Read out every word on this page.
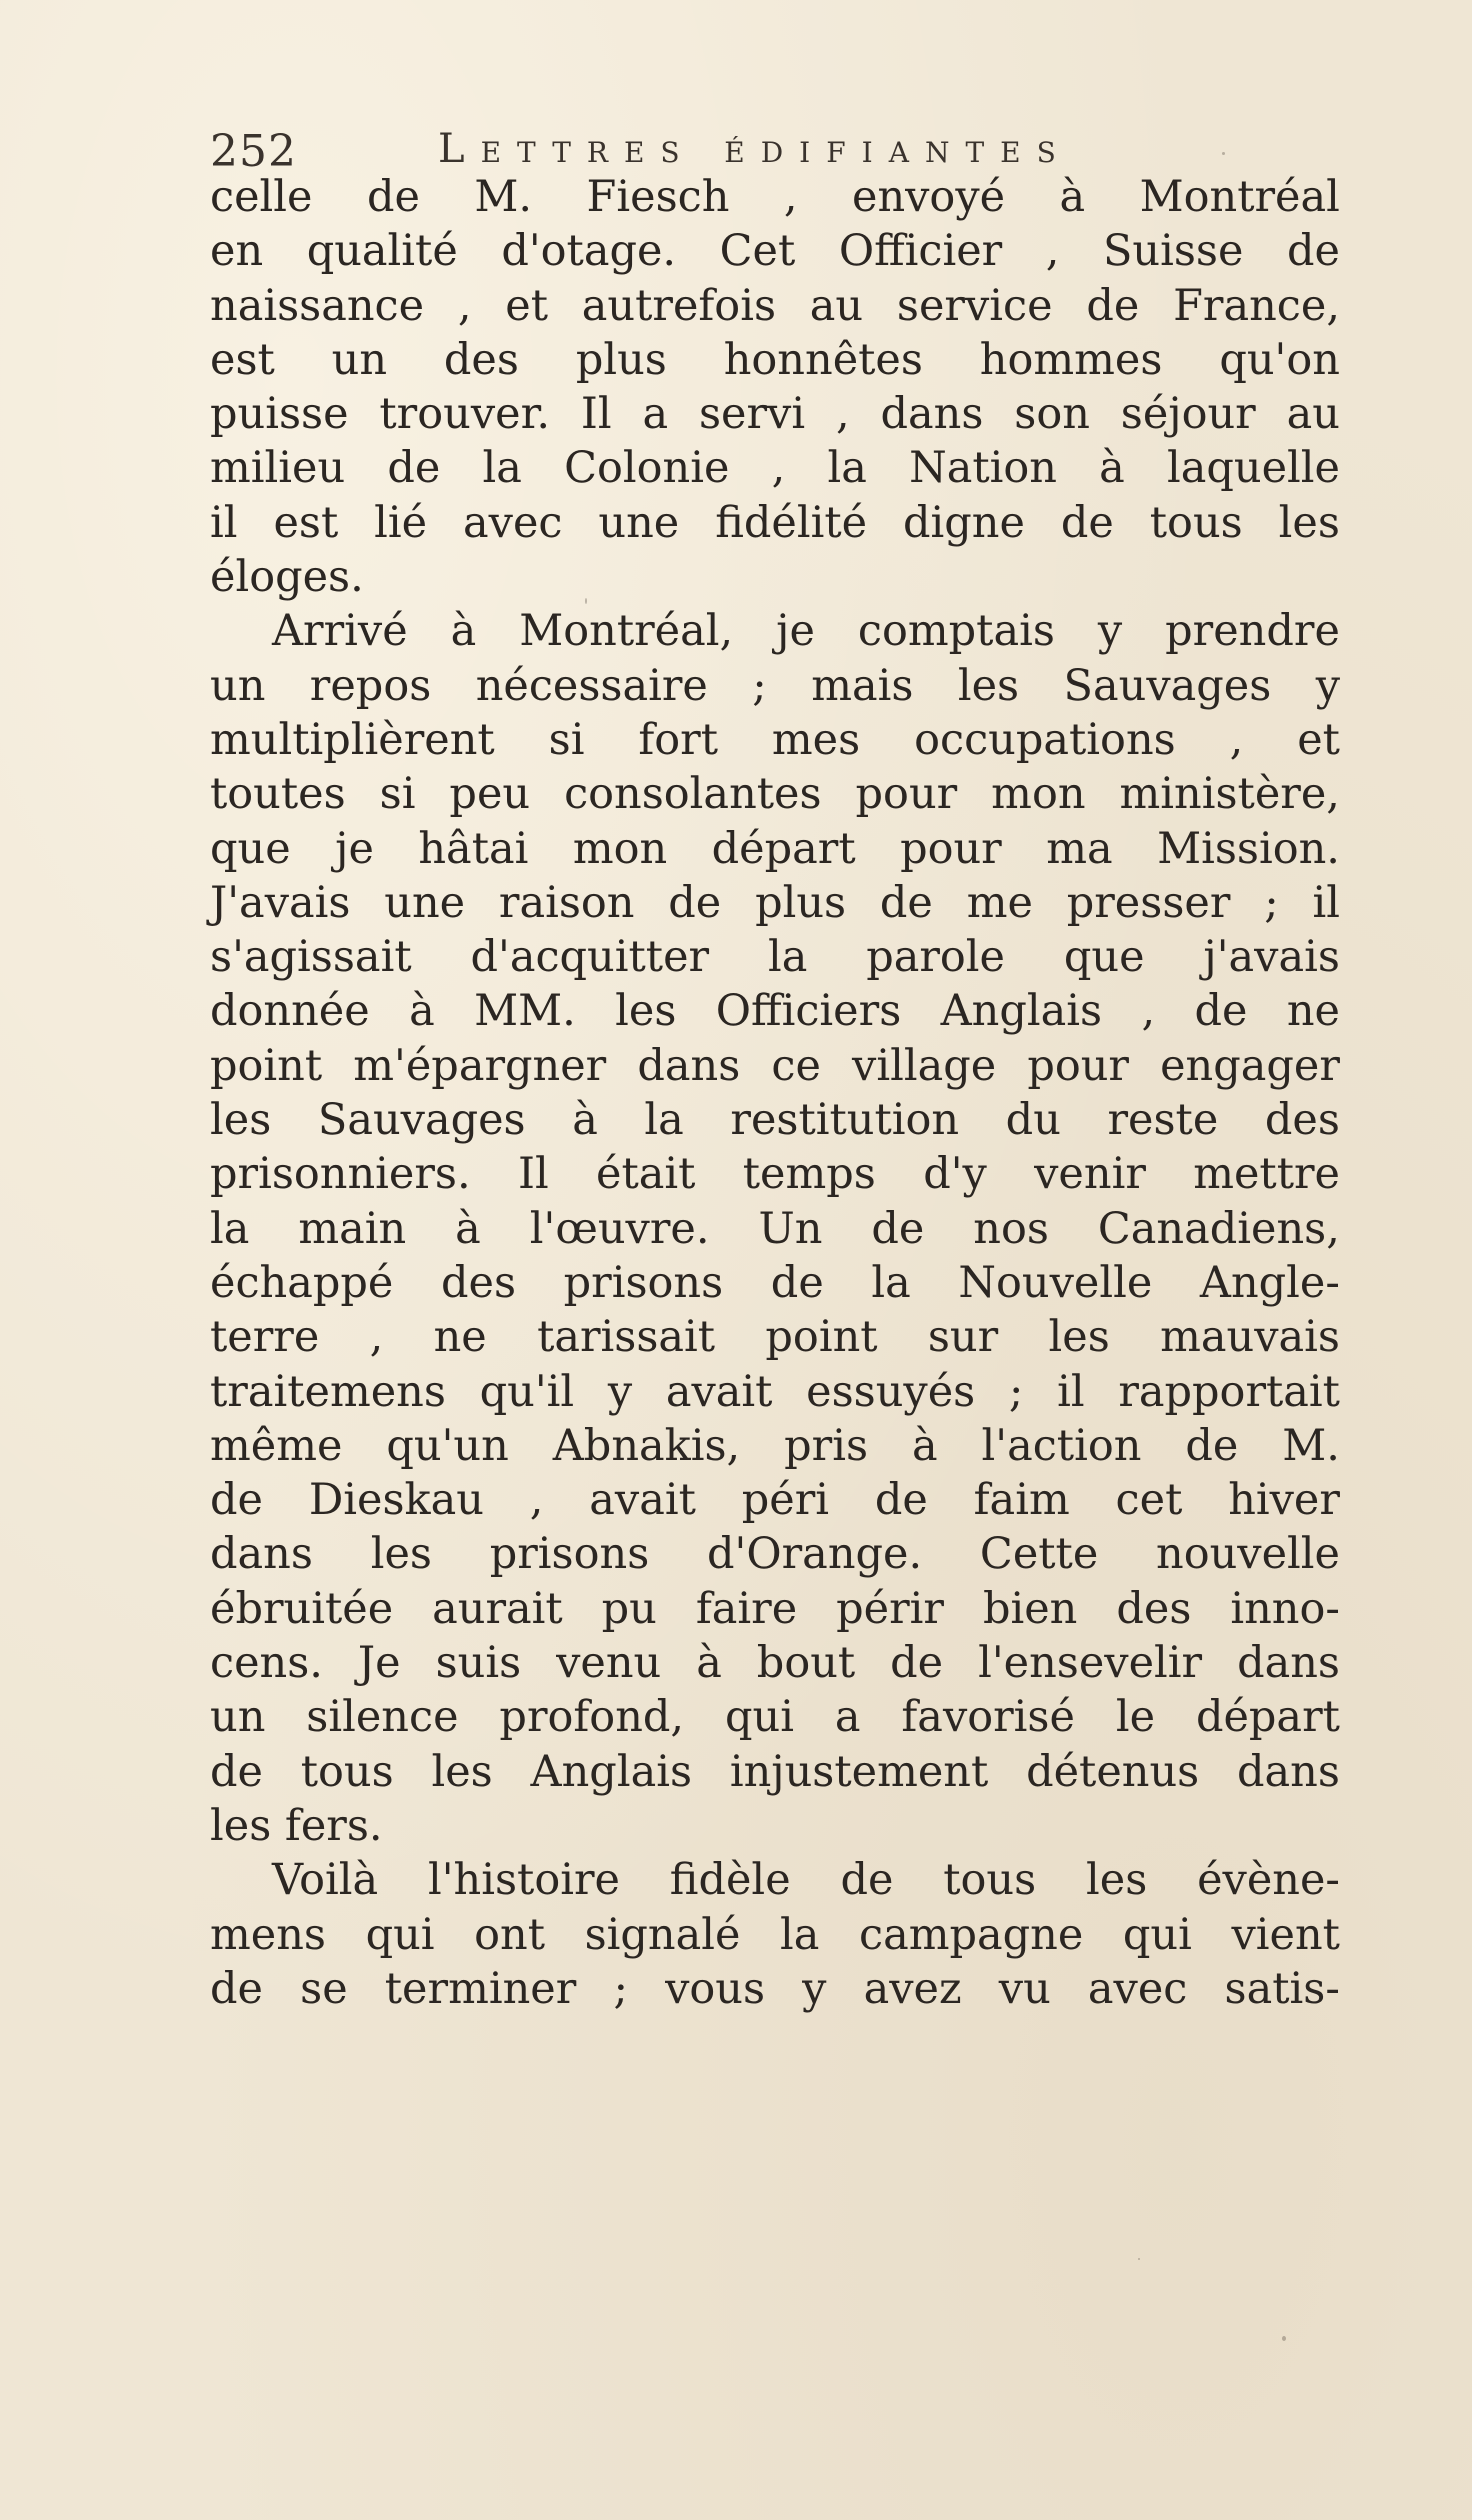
252	Lettres édifiantes
celle de M. Fiesch , envoyé à Montréal
en qualité d'otage. Cet Officier , Suisse de
naissance , et autrefois au service de France,
est un des plus honnêtes hommes qu'on
puisse trouver. Il a servi , dans son séjour au
milieu de la Colonie , la Nation à laquelle
il est lié avec une fidélité digne de tous les
éloges.
Arrivé à Montréal, je comptais y prendre
un repos nécessaire ; mais les Sauvages y
multiplièrent si fort mes occupations , et
toutes si peu consolantes pour mon ministère,
que je hâtai mon départ pour ma Mission.
J'avais une raison de plus de me presser ; il
s'agissait d'acquitter la parole que j'avais
donnée à MM. les Officiers Anglais , de ne
point m'épargner dans ce village pour engager
les Sauvages à la restitution du reste des
prisonniers. Il était temps d'y venir mettre
la main à l'œuvre. Un de nos Canadiens,
échappé des prisons de la Nouvelle Angle-
terre , ne tarissait point sur les mauvais
traitemens qu'il y avait essuyés ; il rapportait
même qu'un Abnakis, pris à l'action de M.
de Dieskau , avait péri de faim cet hiver
dans les prisons d'Orange. Cette nouvelle
ébruitée aurait pu faire périr bien des inno-
cens. Je suis venu à bout de l'ensevelir dans
un silence profond, qui a favorisé le départ
de tous les Anglais injustement détenus dans
les fers.
Voilà l'histoire fidèle de tous les évène-
mens qui ont signalé la campagne qui vient
de se terminer ; vous y avez vu avec satis-
